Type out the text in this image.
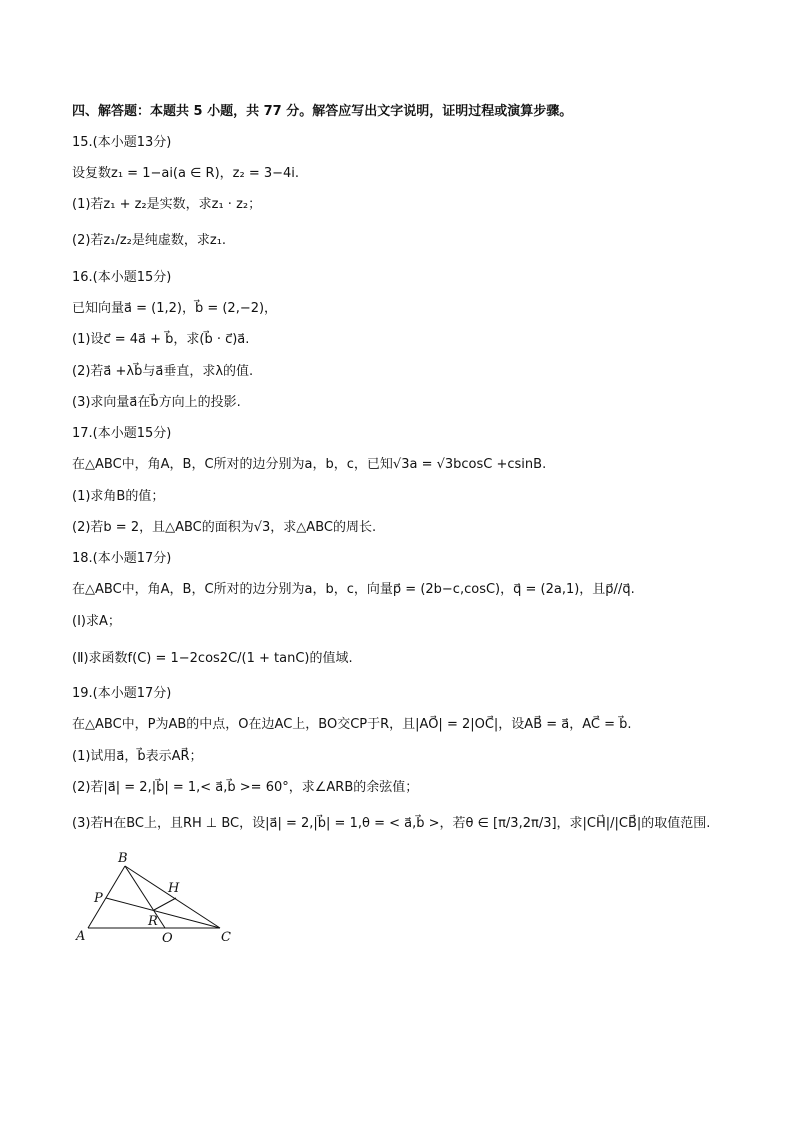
四、解答题：本题共 5 小题，共 77 分。解答应写出文字说明，证明过程或演算步骤。
15.(本小题13分)
设复数z₁ = 1−ai(a ∈ R)，z₂ = 3−4i.
(1)若z₁ + z₂是实数，求z₁ · z₂；
(2)若z₁/z₂是纯虚数，求z₁.
16.(本小题15分)
已知向量a⃗ = (1,2)，b⃗ = (2,−2)，
(1)设c⃗ = 4a⃗ + b⃗，求(b⃗ · c⃗)a⃗.
(2)若a⃗ +λb⃗与a⃗垂直，求λ的值.
(3)求向量a⃗在b⃗方向上的投影.
17.(本小题15分)
在△ABC中，角A，B，C所对的边分别为a，b，c，已知√3a = √3bcosC +csinB.
(1)求角B的值；
(2)若b = 2，且△ABC的面积为√3，求△ABC的周长.
18.(本小题17分)
在△ABC中，角A，B，C所对的边分别为a，b，c，向量p⃗ = (2b−c,cosC)，q⃗ = (2a,1)，且p⃗//q⃗.
(Ⅰ)求A；
(Ⅱ)求函数f(C) = 1−2cos2C/(1 + tanC)的值域.
19.(本小题17分)
在△ABC中，P为AB的中点，O在边AC上，BO交CP于R，且|AO⃗| = 2|OC⃗|，设AB⃗ = a⃗，AC⃗ = b⃗.
(1)试用a⃗，b⃗表示AR⃗；
(2)若|a⃗| = 2,|b⃗| = 1,< a⃗,b⃗ >= 60°，求∠ARB的余弦值；
(3)若H在BC上，且RH ⊥ BC，设|a⃗| = 2,|b⃗| = 1,θ = < a⃗,b⃗ >，若θ ∈ [π/3,2π/3]，求|CH⃗|/|CB⃗|的取值范围.
B
H
P
R
A	O	C
